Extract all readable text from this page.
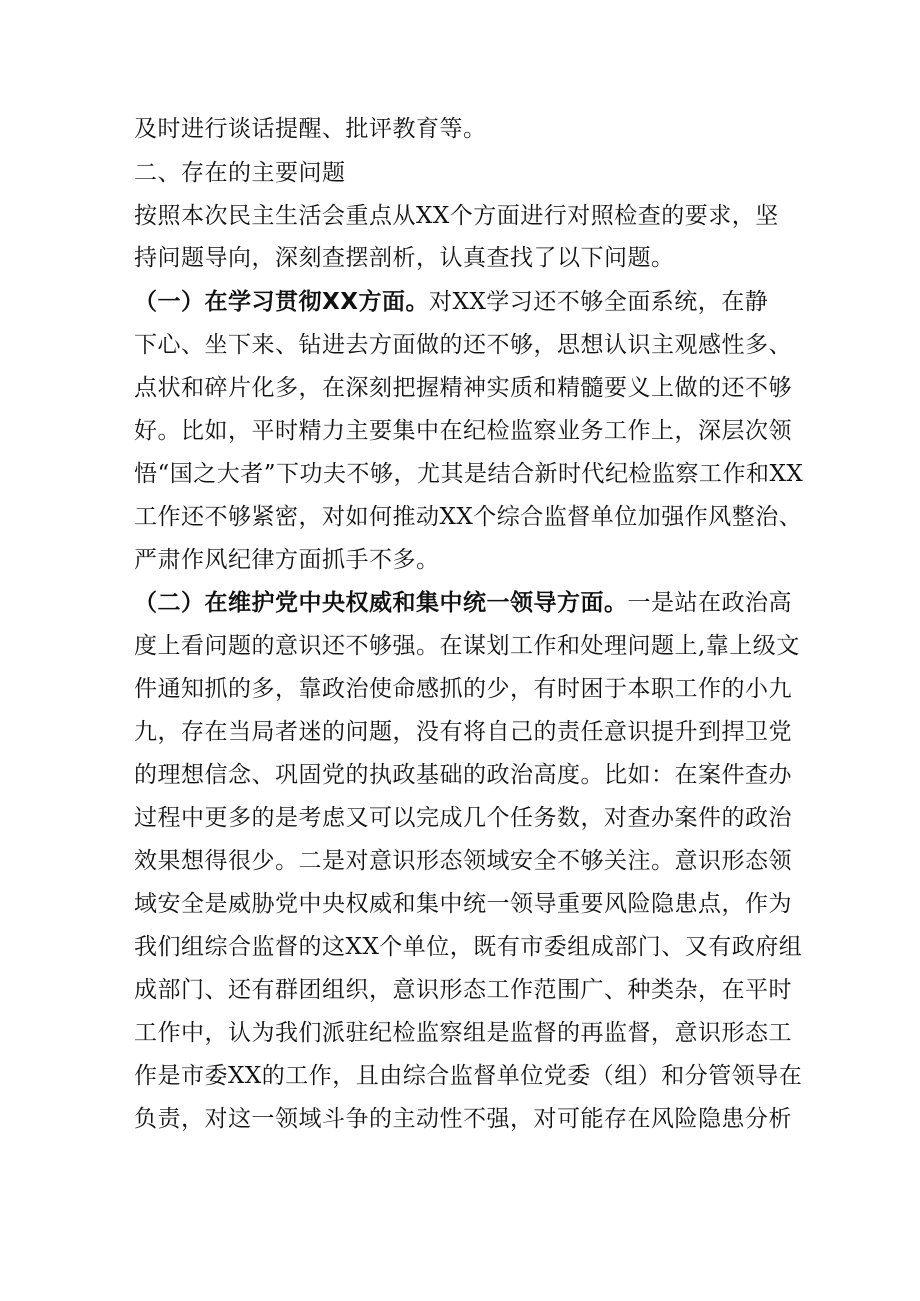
及时进行谈话提醒、批评教育等。
二、存在的主要问题
按照本次民主生活会重点从XX个方面进行对照检查的要求，坚
持问题导向，深刻查摆剖析，认真查找了以下问题。
（一）在学习贯彻XX方面。对XX学习还不够全面系统，在静
下心、坐下来、钻进去方面做的还不够，思想认识主观感性多、
点状和碎片化多，在深刻把握精神实质和精髓要义上做的还不够
好。比如，平时精力主要集中在纪检监察业务工作上，深层次领
悟“国之大者”下功夫不够，尤其是结合新时代纪检监察工作和XX
工作还不够紧密，对如何推动XX个综合监督单位加强作风整治、
严肃作风纪律方面抓手不多。
（二）在维护党中央权威和集中统一领导方面。一是站在政治高
度上看问题的意识还不够强。在谋划工作和处理问题上,靠上级文
件通知抓的多，靠政治使命感抓的少，有时困于本职工作的小九
九，存在当局者迷的问题，没有将自己的责任意识提升到捍卫党
的理想信念、巩固党的执政基础的政治高度。比如：在案件查办
过程中更多的是考虑又可以完成几个任务数，对查办案件的政治
效果想得很少。二是对意识形态领域安全不够关注。意识形态领
域安全是威胁党中央权威和集中统一领导重要风险隐患点，作为
我们组综合监督的这XX个单位，既有市委组成部门、又有政府组
成部门、还有群团组织，意识形态工作范围广、种类杂，在平时
工作中，认为我们派驻纪检监察组是监督的再监督，意识形态工
作是市委XX的工作，且由综合监督单位党委（组）和分管领导在
负责，对这一领域斗争的主动性不强，对可能存在风险隐患分析
